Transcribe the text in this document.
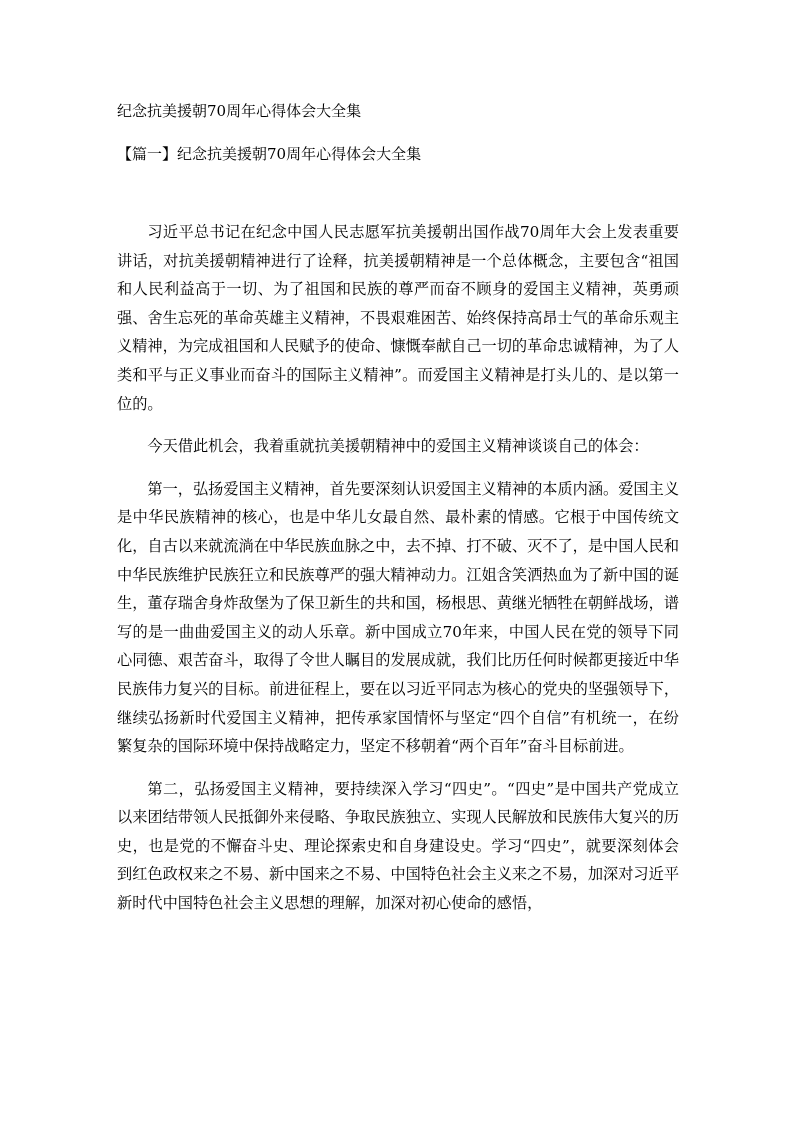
纪念抗美援朝70周年心得体会大全集
【篇一】纪念抗美援朝70周年心得体会大全集

习近平总书记在纪念中国人民志愿军抗美援朝出国作战70周年大会上发表重要讲话，对抗美援朝精神进行了诠释，抗美援朝精神是一个总体概念，主要包含“祖国和人民利益高于一切、为了祖国和民族的尊严而奋不顾身的爱国主义精神，英勇顽强、舍生忘死的革命英雄主义精神，不畏艰难困苦、始终保持高昂士气的革命乐观主义精神，为完成祖国和人民赋予的使命、慷慨奉献自己一切的革命忠诚精神，为了人类和平与正义事业而奋斗的国际主义精神”。而爱国主义精神是打头儿的、是以第一位的。

今天借此机会，我着重就抗美援朝精神中的爱国主义精神谈谈自己的体会：

第一，弘扬爱国主义精神，首先要深刻认识爱国主义精神的本质内涵。爱国主义是中华民族精神的核心，也是中华儿女最自然、最朴素的情感。它根于中国传统文化，自古以来就流淌在中华民族血脉之中，去不掉、打不破、灭不了，是中国人民和中华民族维护民族狂立和民族尊严的强大精神动力。江姐含笑洒热血为了新中国的诞生，董存瑞舍身炸敌堡为了保卫新生的共和国，杨根思、黄继光牺牲在朝鲜战场，谱写的是一曲曲爱国主义的动人乐章。新中国成立70年来，中国人民在党的领导下同心同德、艰苦奋斗，取得了令世人瞩目的发展成就，我们比历任何时候都更接近中华民族伟力复兴的目标。前进征程上，要在以习近平同志为核心的党央的坚强领导下，继续弘扬新时代爱国主义精神，把传承家国情怀与坚定“四个自信”有机统一，在纷繁复杂的国际环境中保持战略定力，坚定不移朝着“两个百年”奋斗目标前进。

第二，弘扬爱国主义精神，要持续深入学习“四史”。“四史”是中国共产党成立以来团结带领人民抵御外来侵略、争取民族独立、实现人民解放和民族伟大复兴的历史，也是党的不懈奋斗史、理论探索史和自身建设史。学习“四史”，就要深刻体会到红色政权来之不易、新中国来之不易、中国特色社会主义来之不易，加深对习近平新时代中国特色社会主义思想的理解，加深对初心使命的感悟，
